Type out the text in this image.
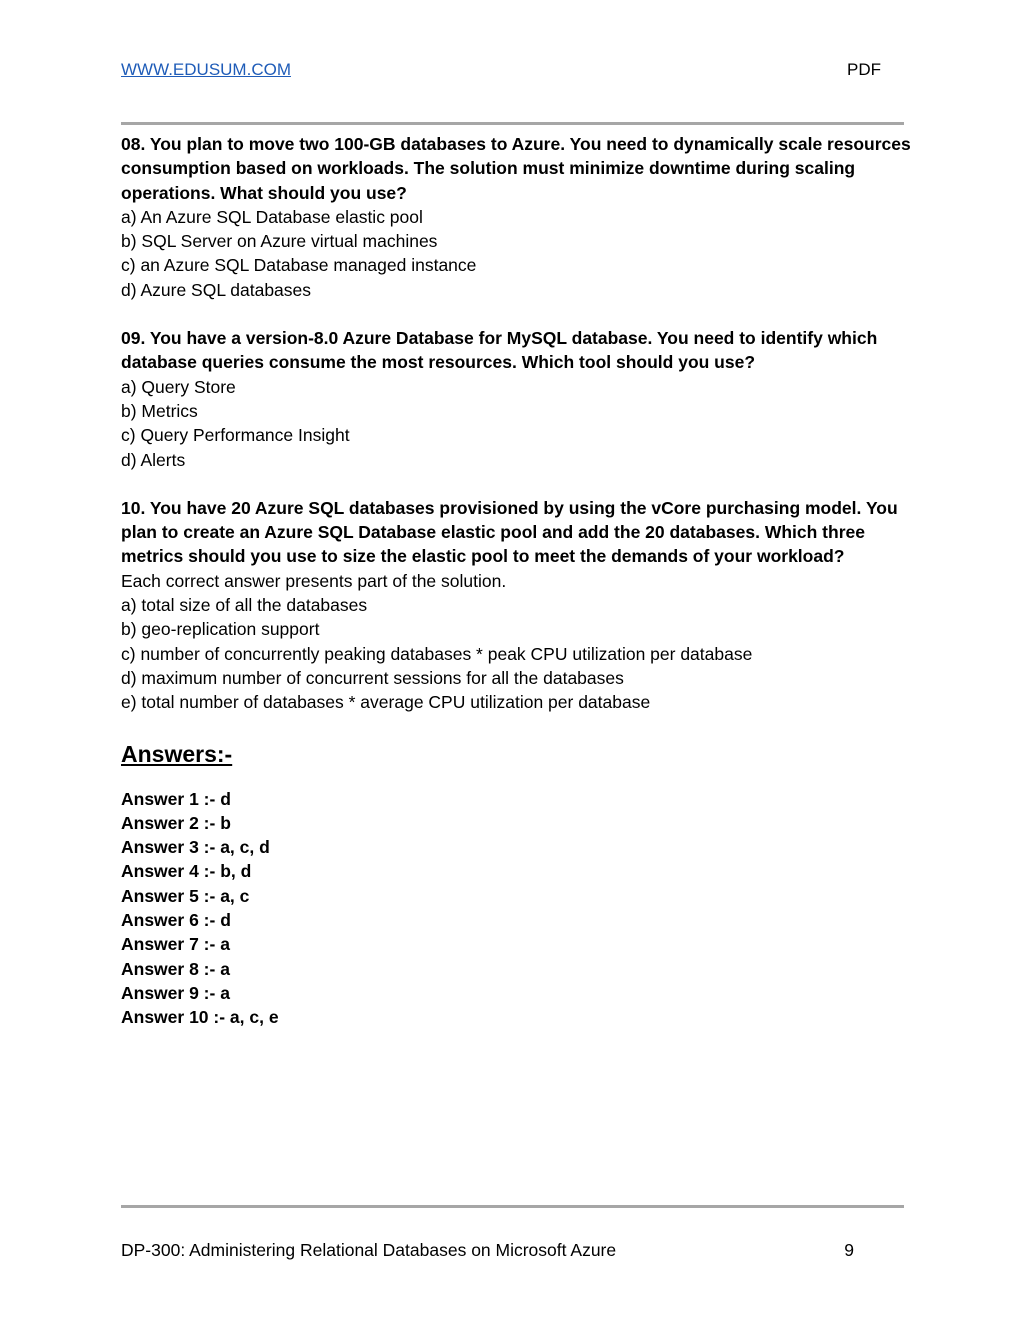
WWW.EDUSUM.COM	PDF
08. You plan to move two 100-GB databases to Azure. You need to dynamically scale resources consumption based on workloads. The solution must minimize downtime during scaling operations. What should you use?
a) An Azure SQL Database elastic pool
b) SQL Server on Azure virtual machines
c) an Azure SQL Database managed instance
d) Azure SQL databases
09. You have a version-8.0 Azure Database for MySQL database. You need to identify which database queries consume the most resources. Which tool should you use?
a) Query Store
b) Metrics
c) Query Performance Insight
d) Alerts
10. You have 20 Azure SQL databases provisioned by using the vCore purchasing model. You plan to create an Azure SQL Database elastic pool and add the 20 databases. Which three metrics should you use to size the elastic pool to meet the demands of your workload?
Each correct answer presents part of the solution.
a) total size of all the databases
b) geo-replication support
c) number of concurrently peaking databases * peak CPU utilization per database
d) maximum number of concurrent sessions for all the databases
e) total number of databases * average CPU utilization per database
Answers:-
Answer 1 :- d
Answer 2 :- b
Answer 3 :- a, c, d
Answer 4 :- b, d
Answer 5 :- a, c
Answer 6 :- d
Answer 7 :- a
Answer 8 :- a
Answer 9 :- a
Answer 10 :- a, c, e
DP-300: Administering Relational Databases on Microsoft Azure	9
